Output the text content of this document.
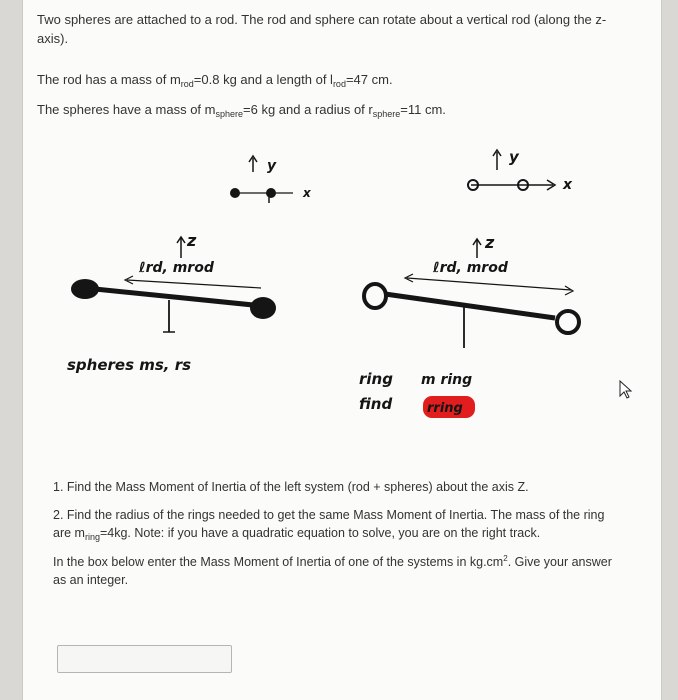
Two spheres are attached to a rod. The rod and sphere can rotate about a vertical rod (along the z-axis).
The rod has a mass of $m_{rod}=0.8$ kg and a length of $l_{rod}=47$ cm.
The spheres have a mass of $m_{sphere}=6$ kg and a radius of $r_{sphere}=11$ cm.
y
x
y
x
z
ℓrd, mrod
spheres ms, rs
z
ℓrd, mrod
ring
find
m ring
rring
1. Find the Mass Moment of Inertia of the left system (rod + spheres) about the axis Z.
2. Find the radius of the rings needed to get the same Mass Moment of Inertia. The mass of the ring are $m_{ring}=4kg$. Note: if you have a quadratic equation to solve, you are on the right track.
In the box below enter the Mass Moment of Inertia of one of the systems in $kg.cm^2$. Give your answer as an integer.
